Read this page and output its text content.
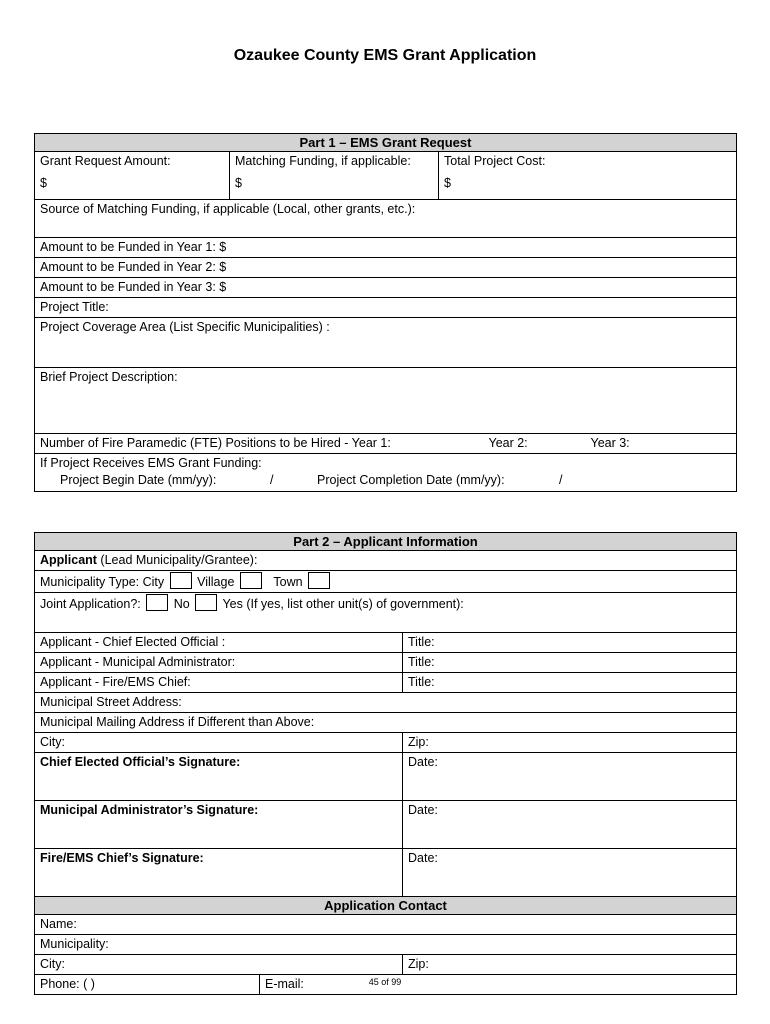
Ozaukee County EMS Grant Application
Part 1 – EMS Grant Request

Grant Request Amount:
$

Matching Funding, if applicable:
$

Total Project Cost:
$

Source of Matching Funding, if applicable (Local, other grants, etc.):
Amount to be Funded in Year 1: $
Amount to be Funded in Year 2: $
Amount to be Funded in Year 3: $
Project Title:
Project Coverage Area (List Specific Municipalities) :
Brief Project Description:
Number of Fire Paramedic (FTE) Positions to be Hired - Year 1:	Year 2:	Year 3:

If Project Receives EMS Grant Funding:
Project Begin Date (mm/yy):	/	Project Completion Date (mm/yy):	/
Part 2 – Applicant Information		
Applicant (Lead Municipality/Grantee):		
Municipality Type: City Village Town		
Joint Application?: No Yes (If yes, list other unit(s) of government):		
Applicant - Chief Elected Official :		Title:
Applicant - Municipal Administrator:		Title:
Applicant - Fire/EMS Chief:		Title:
Municipal Street Address:		
Municipal Mailing Address if Different than Above:		
City:		Zip:
Chief Elected Official’s Signature:		Date:
Municipal Administrator’s Signature:		Date:
Fire/EMS Chief’s Signature:		Date:
Application Contact		
Name:		
Municipality:		
City:		Zip:
Phone: ( )	E-mail:		45 of 99
